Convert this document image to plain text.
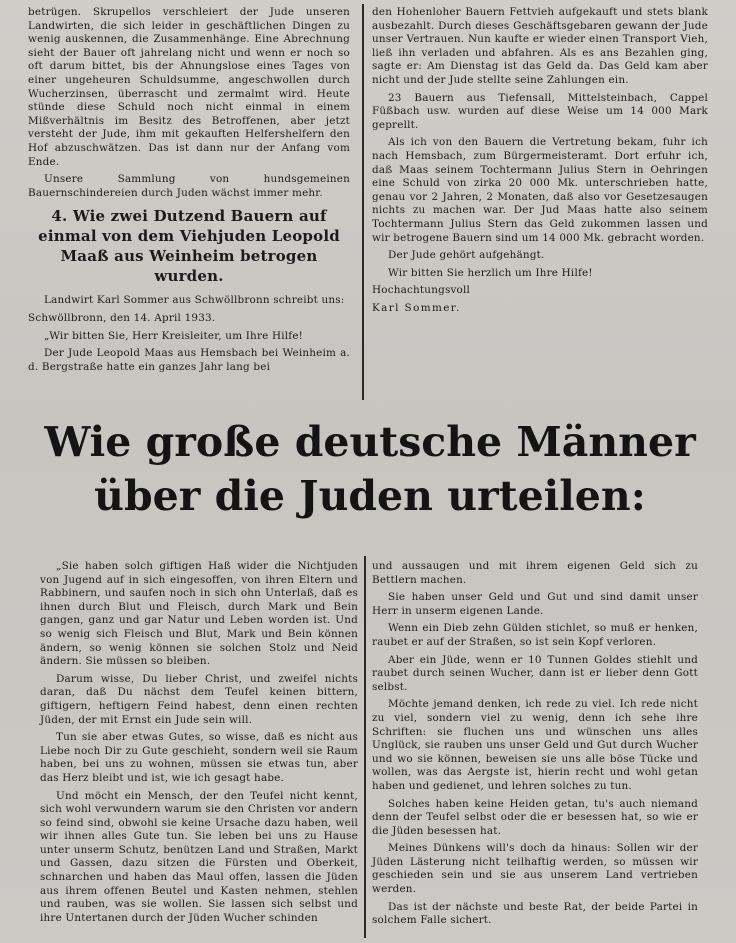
betrügen. Skrupellos verschleiert der Jude unseren Landwirten, die sich leider in geschäftlichen Dingen zu wenig auskennen, die Zusammenhänge. Eine Abrechnung sieht der Bauer oft jahrelang nicht und wenn er noch so oft darum bittet, bis der Ahnungslose eines Tages von einer ungeheuren Schuldsumme, angeschwollen durch Wucherzinsen, überrascht und zermalmt wird. Heute stünde diese Schuld noch nicht einmal in einem Mißverhältnis im Besitz des Betroffenen, aber jetzt versteht der Jude, ihm mit gekauften Helfershelfern den Hof abzuschwätzen. Das ist dann nur der Anfang vom Ende.

Unsere Sammlung von hundsgemeinen Bauernschindereien durch Juden wächst immer mehr.

4. Wie zwei Dutzend Bauern auf einmal von dem Viehjuden Leopold Maaß aus Weinheim betrogen wurden.

Landwirt Karl Sommer aus Schwöllbronn schreibt uns:

Schwöllbronn, den 14. April 1933.

„Wir bitten Sie, Herr Kreisleiter, um Ihre Hilfe!

Der Jude Leopold Maas aus Hemsbach bei Weinheim a. d. Bergstraße hatte ein ganzes Jahr lang bei

den Hohenloher Bauern Fettvieh aufgekauft und stets blank ausbezahlt. Durch dieses Geschäftsgebaren gewann der Jude unser Vertrauen. Nun kaufte er wieder einen Transport Vieh, ließ ihn verladen und abfahren. Als es ans Bezahlen ging, sagte er: Am Dienstag ist das Geld da. Das Geld kam aber nicht und der Jude stellte seine Zahlungen ein.

23 Bauern aus Tiefensall, Mittelsteinbach, Cappel Füßbach usw. wurden auf diese Weise um 14 000 Mark geprellt.

Als ich von den Bauern die Vertretung bekam, fuhr ich nach Hemsbach, zum Bürgermeisteramt. Dort erfuhr ich, daß Maas seinem Tochtermann Julius Stern in Oehringen eine Schuld von zirka 20 000 Mk. unterschrieben hatte, genau vor 2 Jahren, 2 Monaten, daß also vor Gesetzesaugen nichts zu machen war. Der Jud Maas hatte also seinem Tochtermann Julius Stern das Geld zukommen lassen und wir betrogene Bauern sind um 14 000 Mk. gebracht worden.

Der Jude gehört aufgehängt.

Wir bitten Sie herzlich um Ihre Hilfe!

Hochachtungsvoll

Karl Sommer.

Wie große deutsche Männer
über die Juden urteilen:

„Sie haben solch giftigen Haß wider die Nichtjuden von Jugend auf in sich eingesoffen, von ihren Eltern und Rabbinern, und saufen noch in sich ohn Unterlaß, daß es ihnen durch Blut und Fleisch, durch Mark und Bein gangen, ganz und gar Natur und Leben worden ist. Und so wenig sich Fleisch und Blut, Mark und Bein können ändern, so wenig können sie solchen Stolz und Neid ändern. Sie müssen so bleiben.

Darum wisse, Du lieber Christ, und zweifel nichts daran, daß Du nächst dem Teufel keinen bittern, giftigern, heftigern Feind habest, denn einen rechten Jüden, der mit Ernst ein Jude sein will.

Tun sie aber etwas Gutes, so wisse, daß es nicht aus Liebe noch Dir zu Gute geschieht, sondern weil sie Raum haben, bei uns zu wohnen, müssen sie etwas tun, aber das Herz bleibt und ist, wie ich gesagt habe.

Und möcht ein Mensch, der den Teufel nicht kennt, sich wohl verwundern warum sie den Christen vor andern so feind sind, obwohl sie keine Ursache dazu haben, weil wir ihnen alles Gute tun. Sie leben bei uns zu Hause unter unserm Schutz, benützen Land und Straßen, Markt und Gassen, dazu sitzen die Fürsten und Oberkeit, schnarchen und haben das Maul offen, lassen die Jüden aus ihrem offenen Beutel und Kasten nehmen, stehlen und rauben, was sie wollen. Sie lassen sich selbst und ihre Untertanen durch der Jüden Wucher schinden

und aussaugen und mit ihrem eigenen Geld sich zu Bettlern machen.

Sie haben unser Geld und Gut und sind damit unser Herr in unserm eigenen Lande.

Wenn ein Dieb zehn Gülden stichlet, so muß er henken, raubet er auf der Straßen, so ist sein Kopf verloren.

Aber ein Jüde, wenn er 10 Tunnen Goldes stiehlt und raubet durch seinen Wucher, dann ist er lieber denn Gott selbst.

Möchte jemand denken, ich rede zu viel. Ich rede nicht zu viel, sondern viel zu wenig, denn ich sehe ihre Schriften: sie fluchen uns und wünschen uns alles Unglück, sie rauben uns unser Geld und Gut durch Wucher und wo sie können, beweisen sie uns alle böse Tücke und wollen, was das Aergste ist, hierin recht und wohl getan haben und gedienet, und lehren solches zu tun.

Solches haben keine Heiden getan, tu's auch niemand denn der Teufel selbst oder die er besessen hat, so wie er die Jüden besessen hat.

Meines Dünkens will's doch da hinaus: Sollen wir der Jüden Lästerung nicht teilhaftig werden, so müssen wir geschieden sein und sie aus unserem Land vertrieben werden.

Das ist der nächste und beste Rat, der beide Partei in solchem Falle sichert.
